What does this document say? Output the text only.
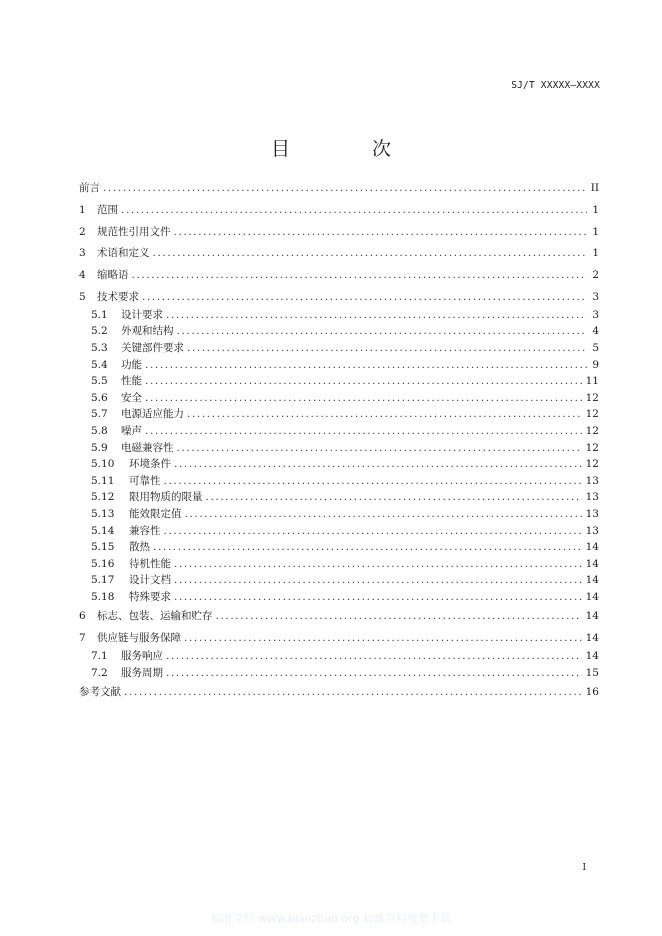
SJ/T XXXXX—XXXX
目 次
前言 .....	II
1	范围 .....	1
2	规范性引用文件 .....	1
3	术语和定义 .....	1
4	缩略语 .....	2
5	技术要求 .....	3
5.1	设计要求 .....	3
5.2	外观和结构 .....	4
5.3	关键部件要求 .....	5
5.4	功能 .....	9
5.5	性能 .....	11
5.6	安全 .....	12
5.7	电源适应能力 .....	12
5.8	噪声 .....	12
5.9	电磁兼容性 .....	12
5.10	环境条件 .....	12
5.11	可靠性 .....	13
5.12	限用物质的限量 .....	13
5.13	能效限定值 .....	13
5.14	兼容性 .....	13
5.15	散热 .....	14
5.16	待机性能 .....	14
5.17	设计文档 .....	14
5.18	特殊要求 .....	14
6	标志、包装、运输和贮存 .....	14
7	供应链与服务保障 .....	14
7.1	服务响应 .....	14
7.2	服务周期 .....	15
参考文献 .....	16
I
标准文档 www.biaozhun.org 标准资料免费下载
